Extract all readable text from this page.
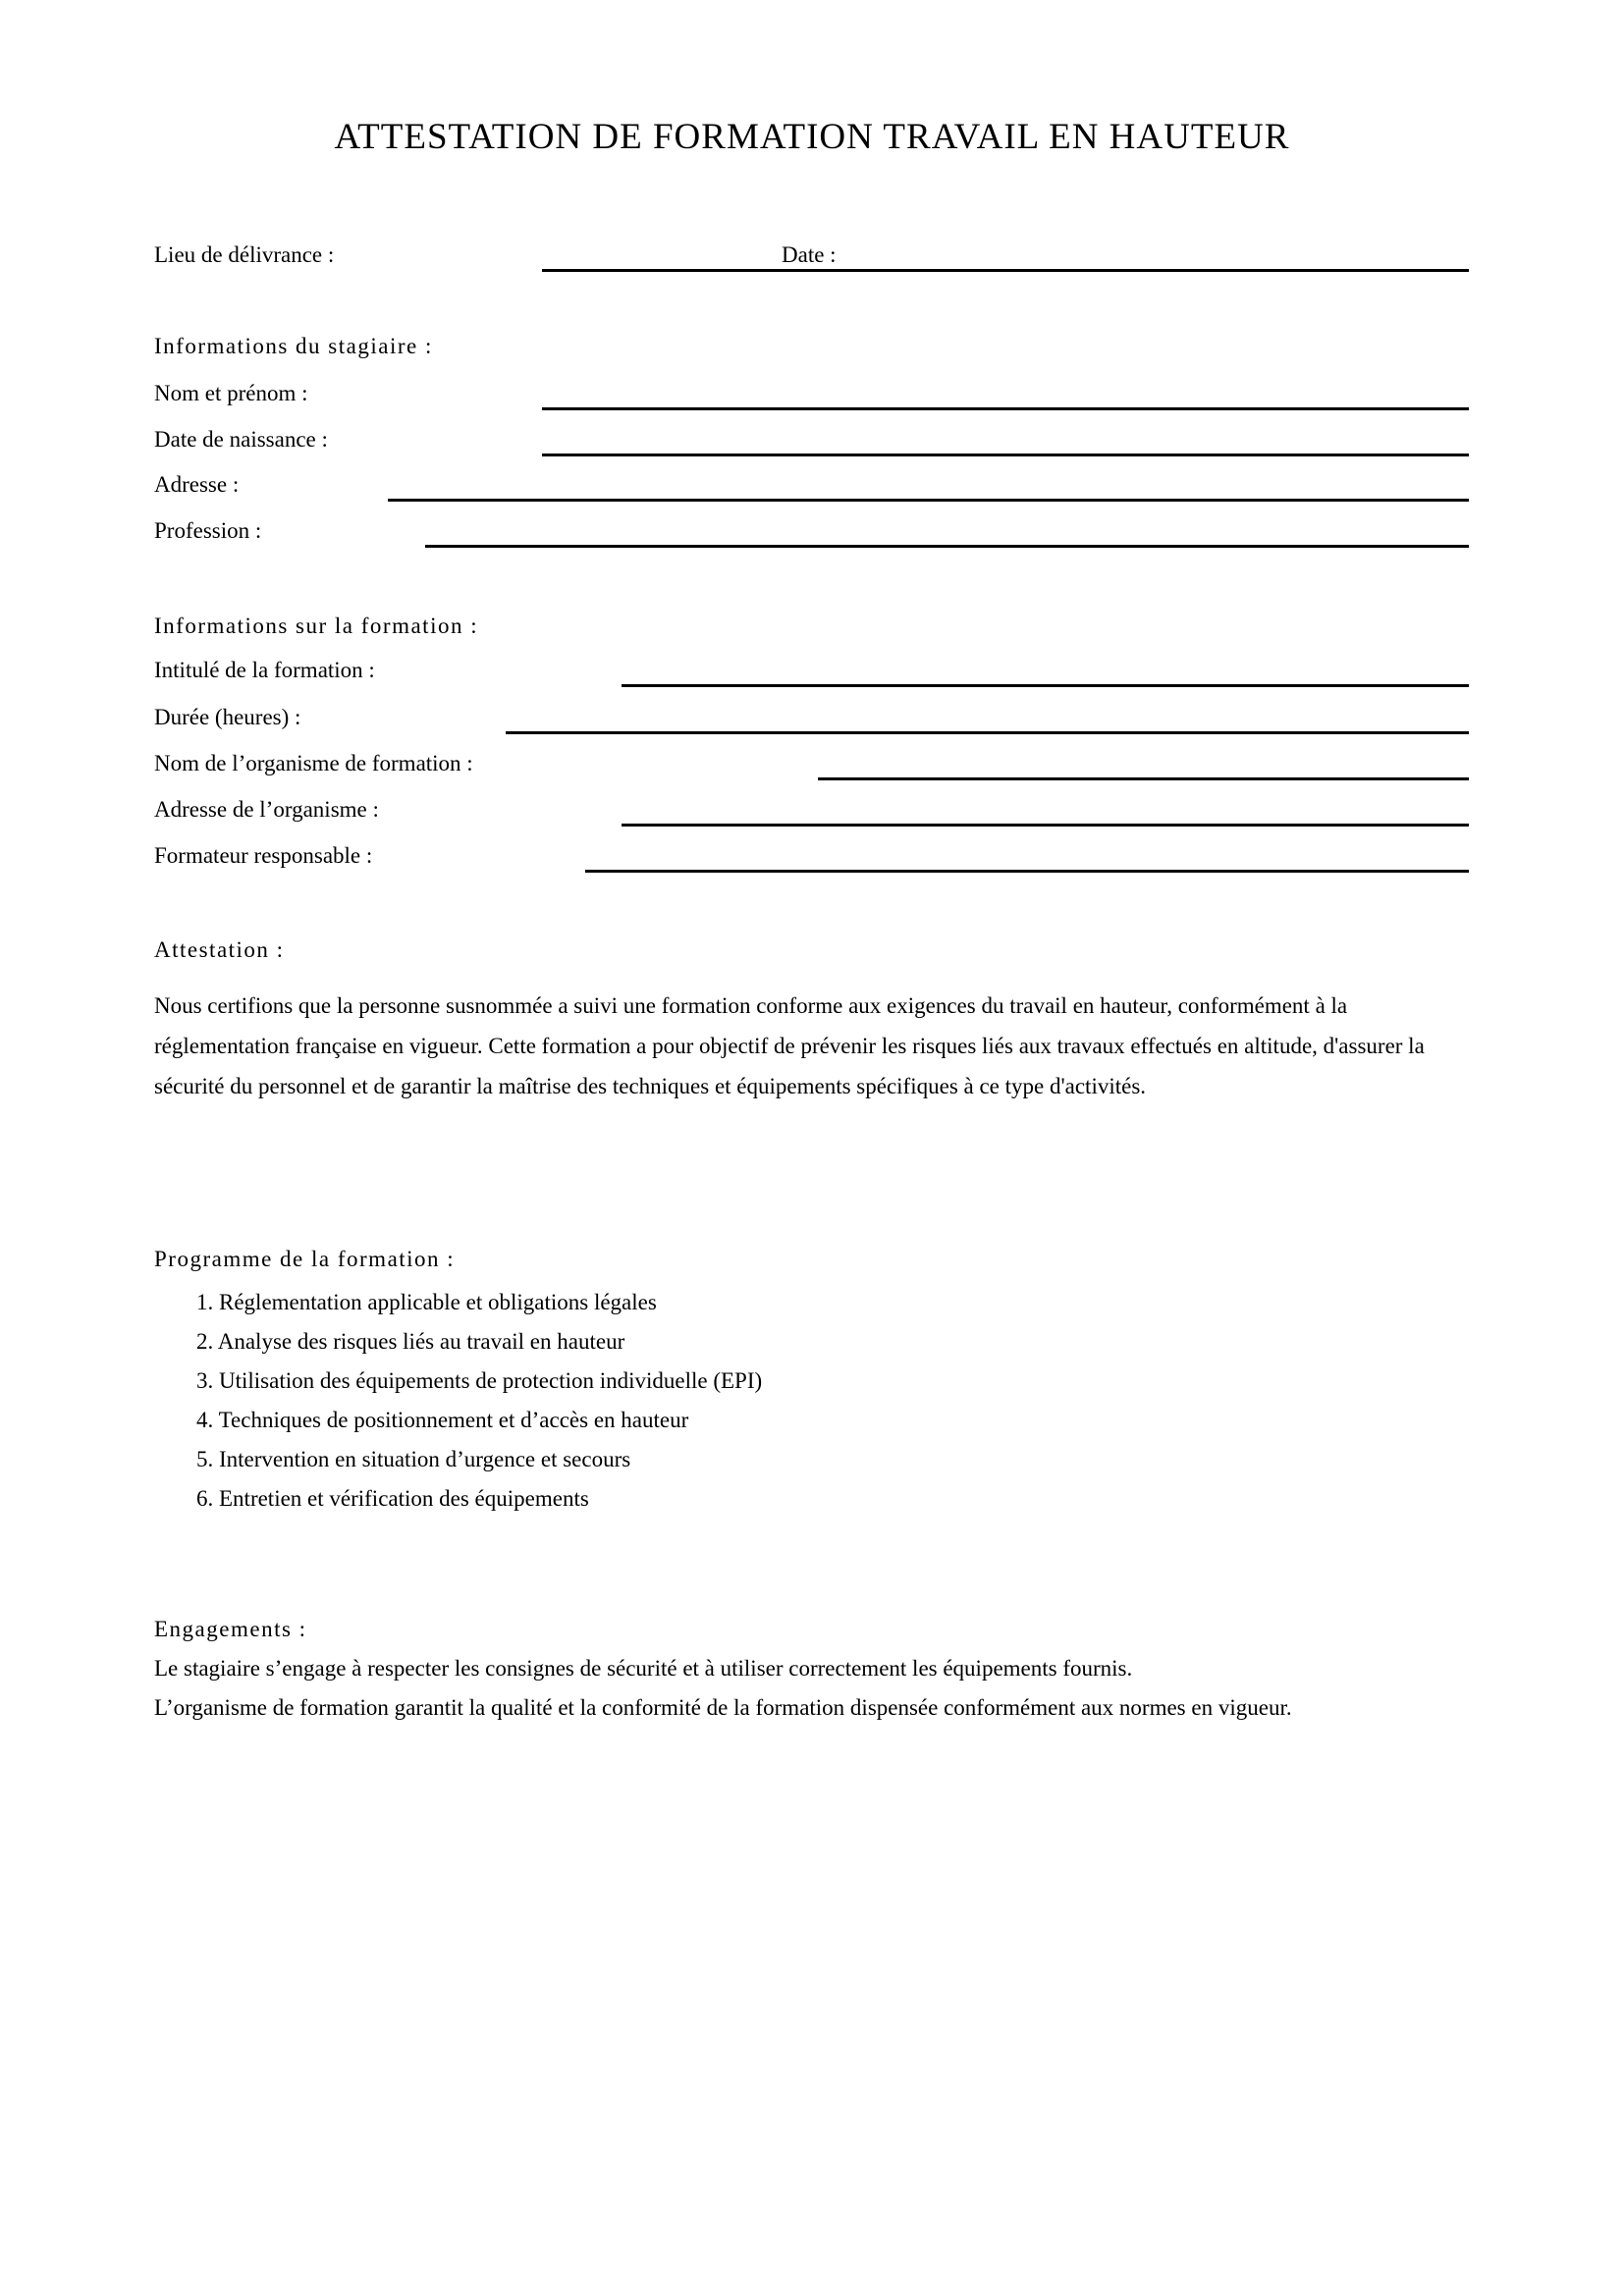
ATTESTATION DE FORMATION TRAVAIL EN HAUTEUR
Lieu de délivrance :	Date :
Informations du stagiaire :
Nom et prénom :
Date de naissance :
Adresse :
Profession :
Informations sur la formation :
Intitulé de la formation :
Durée (heures) :
Nom de l’organisme de formation :
Adresse de l’organisme :
Formateur responsable :
Attestation :
Nous certifions que la personne susnommée a suivi une formation conforme aux exigences du travail en hauteur, conformément à la réglementation française en vigueur. Cette formation a pour objectif de prévenir les risques liés aux travaux effectués en altitude, d'assurer la sécurité du personnel et de garantir la maîtrise des techniques et équipements spécifiques à ce type d'activités.
Programme de la formation :
1. Réglementation applicable et obligations légales
2. Analyse des risques liés au travail en hauteur
3. Utilisation des équipements de protection individuelle (EPI)
4. Techniques de positionnement et d’accès en hauteur
5. Intervention en situation d’urgence et secours
6. Entretien et vérification des équipements
Engagements :
Le stagiaire s’engage à respecter les consignes de sécurité et à utiliser correctement les équipements fournis.
L’organisme de formation garantit la qualité et la conformité de la formation dispensée conformément aux normes en vigueur.
